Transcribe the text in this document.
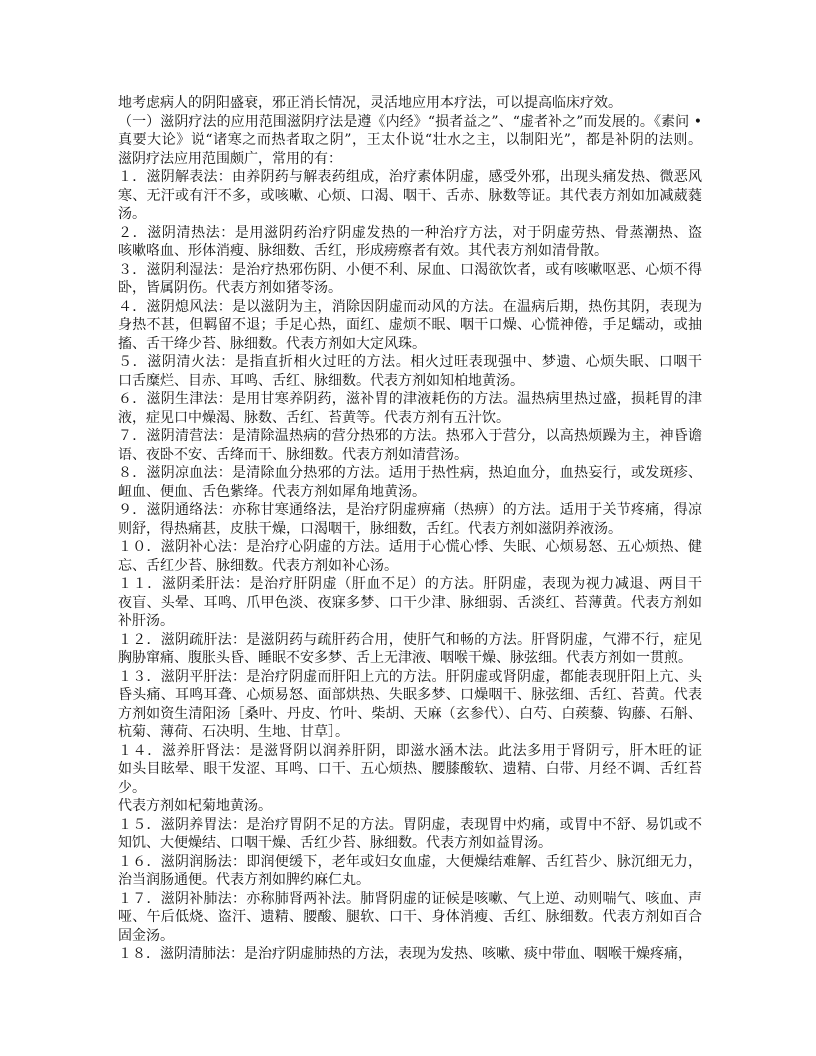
地考虑病人的阴阳盛衰，邪正消长情况，灵活地应用本疗法，可以提高临床疗效。
（一）滋阴疗法的应用范围滋阴疗法是遵《内经》“损者益之”、“虚者补之”而发展的。《素问 •
真要大论》说“诸寒之而热者取之阴”，王太仆说“壮水之主，以制阳光”，都是补阴的法则。
滋阴疗法应用范围颇广，常用的有：
１．滋阴解表法：由养阴药与解表药组成，治疗素体阴虚，感受外邪，出现头痛发热、微恶风
寒、无汗或有汗不多，或咳嗽、心烦、口渴、咽干、舌赤、脉数等证。其代表方剂如加减葳蕤
汤。
２．滋阴清热法：是用滋阴药治疗阴虚发热的一种治疗方法，对于阴虚劳热、骨蒸潮热、盗
咳嗽咯血、形体消瘦、脉细数、舌红，形成痨瘵者有效。其代表方剂如清骨散。
３．滋阴利湿法：是治疗热邪伤阴、小便不利、尿血、口渴欲饮者，或有咳嗽呕恶、心烦不得
卧，皆属阴伤。代表方剂如猪苓汤。
４．滋阴熄风法：是以滋阴为主，消除因阴虚而动风的方法。在温病后期，热伤其阴，表现为
身热不甚，但羁留不退；手足心热，面红、虚烦不眠、咽干口燥、心慌神倦，手足蠕动，或抽
搐、舌干绛少苔、脉细数。代表方剂如大定风珠。
５．滋阴清火法：是指直折相火过旺的方法。相火过旺表现强中、梦遗、心烦失眠、口咽干
口舌糜烂、目赤、耳鸣、舌红、脉细数。代表方剂如知柏地黄汤。
６．滋阴生津法：是用甘寒养阴药，滋补胃的津液耗伤的方法。温热病里热过盛，损耗胃的津
液，症见口中燥渴、脉数、舌红、苔黄等。代表方剂有五汁饮。
７．滋阴清营法：是清除温热病的营分热邪的方法。热邪入于营分，以高热烦躁为主，神昏谵
语、夜卧不安、舌绛而干、脉细数。代表方剂如清营汤。
８．滋阴凉血法：是清除血分热邪的方法。适用于热性病，热迫血分，血热妄行，或发斑疹、
衄血、便血、舌色紫绛。代表方剂如犀角地黄汤。
９．滋阴通络法：亦称甘寒通络法，是治疗阴虚痹痛（热痹）的方法。适用于关节疼痛，得凉
则舒，得热痛甚，皮肤干燥，口渴咽干，脉细数，舌红。代表方剂如滋阴养液汤。
１０．滋阴补心法：是治疗心阴虚的方法。适用于心慌心悸、失眠、心烦易怒、五心烦热、健
忘、舌红少苔、脉细数。代表方剂如补心汤。
１１．滋阴柔肝法：是治疗肝阴虚（肝血不足）的方法。肝阴虚，表现为视力减退、两目干
夜盲、头晕、耳鸣、爪甲色淡、夜寐多梦、口干少津、脉细弱、舌淡红、苔薄黄。代表方剂如
补肝汤。
１２．滋阴疏肝法：是滋阴药与疏肝药合用，使肝气和畅的方法。肝肾阴虚，气滞不行，症见
胸胁窜痛、腹胀头昏、睡眠不安多梦、舌上无津液、咽喉干燥、脉弦细。代表方剂如一贯煎。
１３．滋阴平肝法：是治疗阴虚而肝阳上亢的方法。肝阴虚或肾阴虚，都能表现肝阳上亢、头
昏头痛、耳鸣耳聋、心烦易怒、面部烘热、失眠多梦、口燥咽干、脉弦细、舌红、苔黄。代表
方剂如资生清阳汤［桑叶、丹皮、竹叶、柴胡、天麻（玄参代）、白芍、白蒺藜、钩藤、石斛、
杭菊、薄荷、石决明、生地、甘草］。
１４．滋养肝肾法：是滋肾阴以润养肝阴，即滋水涵木法。此法多用于肾阴亏，肝木旺的证
如头目眩晕、眼干发涩、耳鸣、口干、五心烦热、腰膝酸软、遗精、白带、月经不调、舌红苔
少。
代表方剂如杞菊地黄汤。
１５．滋阴养胃法：是治疗胃阴不足的方法。胃阴虚，表现胃中灼痛，或胃中不舒、易饥或不
知饥、大便燥结、口咽干燥、舌红少苔、脉细数。代表方剂如益胃汤。
１６．滋阴润肠法：即润便缓下，老年或妇女血虚，大便燥结难解、舌红苔少、脉沉细无力，
治当润肠通便。代表方剂如脾约麻仁丸。
１７．滋阴补肺法：亦称肺肾两补法。肺肾阴虚的证候是咳嗽、气上逆、动则喘气、咳血、声
哑、午后低烧、盗汗、遗精、腰酸、腿软、口干、身体消瘦、舌红、脉细数。代表方剂如百合
固金汤。
１８．滋阴清肺法：是治疗阴虚肺热的方法，表现为发热、咳嗽、痰中带血、咽喉干燥疼痛，
